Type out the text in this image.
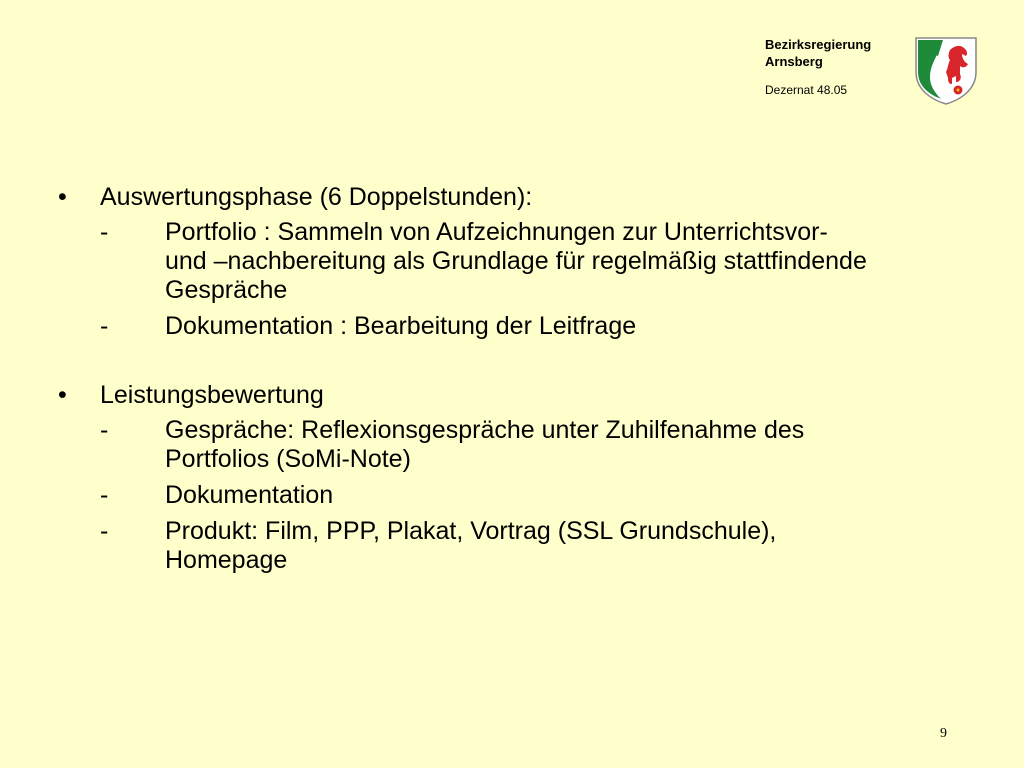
Bezirksregierung
Arnsberg
Dezernat 48.05
•	Auswertungsphase (6 Doppelstunden):
-	Portfolio : Sammeln von Aufzeichnungen zur Unterrichtsvor-
und –nachbereitung als Grundlage für regelmäßig stattfindende
Gespräche
-	Dokumentation : Bearbeitung der Leitfrage
•	Leistungsbewertung
-	Gespräche: Reflexionsgespräche unter Zuhilfenahme des
Portfolios (SoMi-Note)
-	Dokumentation
-	Produkt: Film, PPP, Plakat, Vortrag (SSL Grundschule),
Homepage
9
